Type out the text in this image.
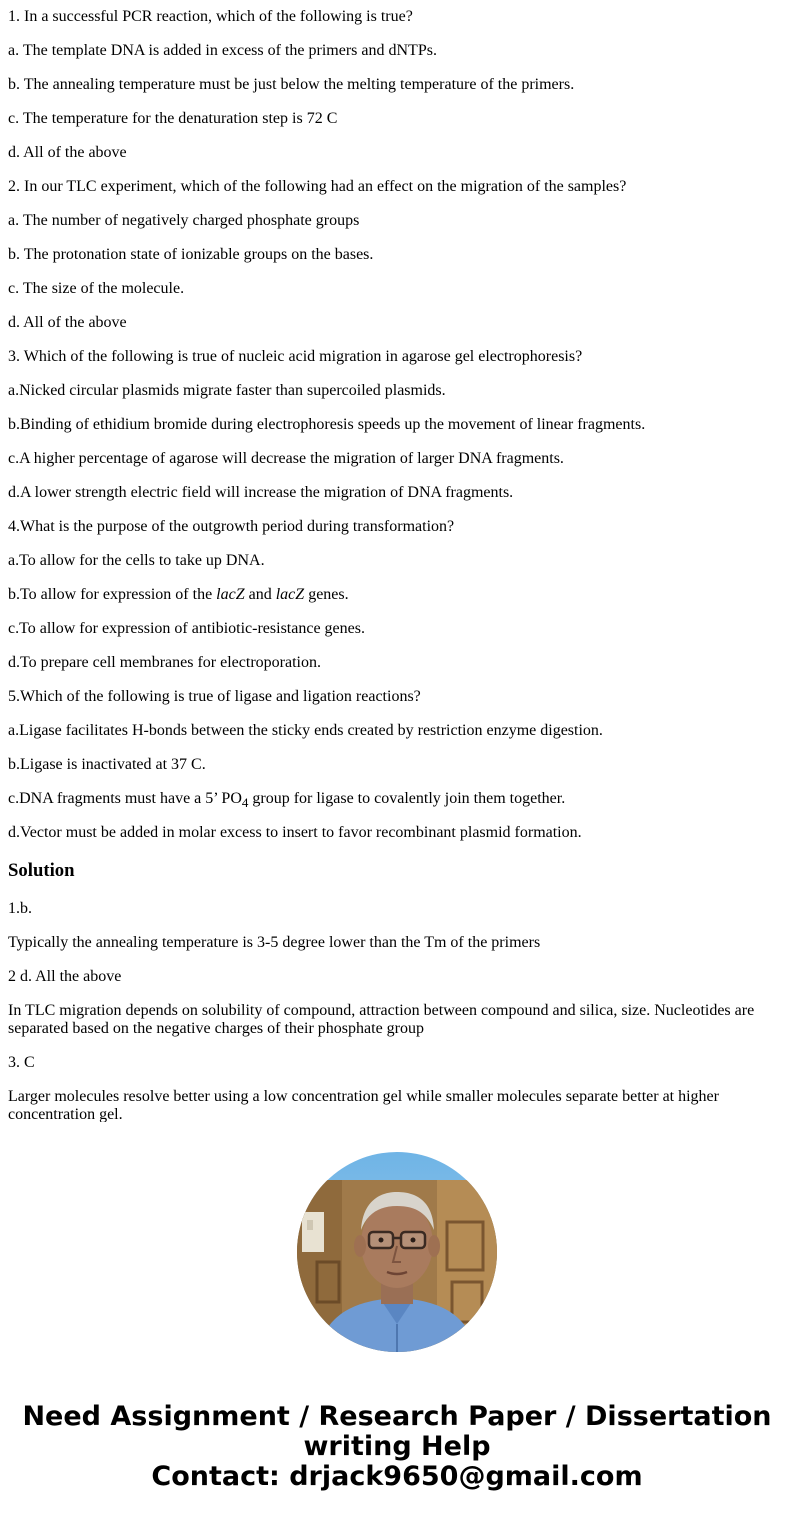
1. In a successful PCR reaction, which of the following is true?

a. The template DNA is added in excess of the primers and dNTPs.

b. The annealing temperature must be just below the melting temperature of the primers.

c. The temperature for the denaturation step is 72 C

d. All of the above

2. In our TLC experiment, which of the following had an effect on the migration of the samples?

a. The number of negatively charged phosphate groups

b. The protonation state of ionizable groups on the bases.

c. The size of the molecule.

d. All of the above

3. Which of the following is true of nucleic acid migration in agarose gel electrophoresis?

a.Nicked circular plasmids migrate faster than supercoiled plasmids.

b.Binding of ethidium bromide during electrophoresis speeds up the movement of linear fragments.

c.A higher percentage of agarose will decrease the migration of larger DNA fragments.

d.A lower strength electric field will increase the migration of DNA fragments.

4.What is the purpose of the outgrowth period during transformation?

a.To allow for the cells to take up DNA.

b.To allow for expression of the lacZ and lacZ genes.

c.To allow for expression of antibiotic-resistance genes.

d.To prepare cell membranes for electroporation.

5.Which of the following is true of ligase and ligation reactions?

a.Ligase facilitates H-bonds between the sticky ends created by restriction enzyme digestion.

b.Ligase is inactivated at 37 C.

c.DNA fragments must have a 5’ $PO_4$ group for ligase to covalently join them together.

d.Vector must be added in molar excess to insert to favor recombinant plasmid formation.

Solution

1.b.

Typically the annealing temperature is 3-5 degree lower than the Tm of the primers

2 d. All the above

In TLC migration depends on solubility of compound, attraction between compound and silica, size. Nucleotides are separated based on the negative charges of their phosphate group

3. C

Larger molecules resolve better using a low concentration gel while smaller molecules separate better at higher concentration gel.

Need Assignment / Research Paper / Dissertation
writing Help
Contact: drjack9650@gmail.com
